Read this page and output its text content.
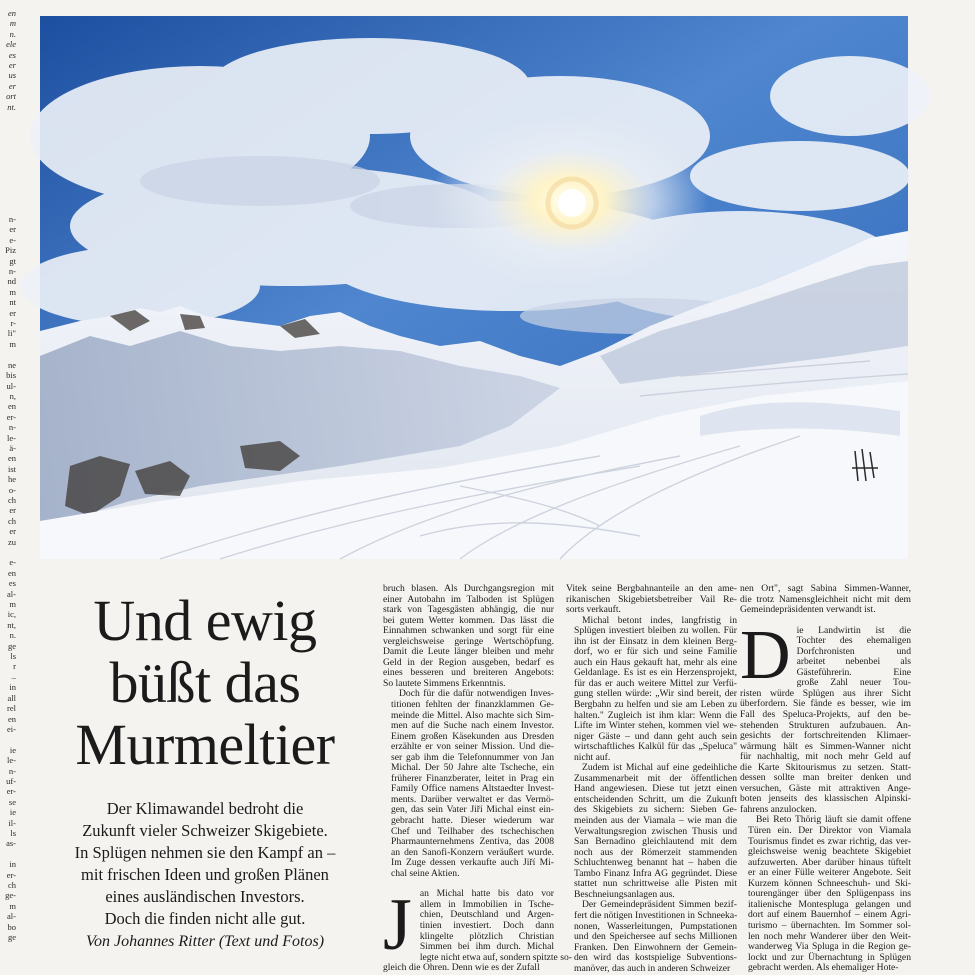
en
m
n.
ele
es
er
us
er
ort
nt.
n-
er
e-
Piz
gt
n-
nd
m
nt
er
r-
li"
m

ne
bis
ul-
n,
en
er-
n-
le-
ä-
en
ist
he
o-
ch
er
ch
er
zu

e-
en
es
al-
m
ic,
nt,
n.
ge
ls
r
–
in
all
rel
en
ei-

ie
le-
n-
uf-
er-
se
ie
il-
ls
as-

in
er-
ch
ge-
m
al-
bo
ge
Und ewig
büßt das
Murmeltier
Der Klimawandel bedroht die
Zukunft vieler Schweizer Skigebiete.
In Splügen nehmen sie den Kampf an –
mit frischen Ideen und großen Plänen
eines ausländischen Investors.
Doch die finden nicht alle gut.
Von Johannes Ritter (Text und Fotos)

bruch blasen. Als Durchgangsregion mit
einer Autobahn im Talboden ist Splügen
stark von Tagesgästen abhängig, die nur
bei gutem Wetter kommen. Das lässt die
Einnahmen schwanken und sorgt für eine
vergleichsweise geringe Wertschöpfung.
Damit die Leute länger bleiben und mehr
Geld in der Region ausgeben, bedarf es
eines besseren und breiteren Angebots:
So lautete Simmens Erkenntnis.

Doch für die dafür notwendigen Inves-
titionen fehlten der finanzklammen Ge-
meinde die Mittel. Also machte sich Sim-
men auf die Suche nach einem Investor.
Einem großen Käsekunden aus Dresden
erzählte er von seiner Mission. Und die-
ser gab ihm die Telefonnummer von Jan
Michal. Der 50 Jahre alte Tscheche, ein
früherer Finanzberater, leitet in Prag ein
Family Office namens Altstaedter Invest-
ments. Darüber verwaltet er das Vermö-
gen, das sein Vater Jiří Michal einst ein-
gebracht hatte. Dieser wiederum war
Chef und Teilhaber des tschechischen
Pharmaunternehmens Zentiva, das 2008
an den Sanofi-Konzern veräußert wurde.
Im Zuge dessen verkaufte auch Jiří Mi-
chal seine Aktien.

J an Michal hatte bis dato vor
allem in Immobilien in Tsche-
chien, Deutschland und Argen-
tinien investiert. Doch dann
klingelte plötzlich Christian
Simmen bei ihm durch. Michal
legte nicht etwa auf, sondern spitzte so-
gleich die Ohren. Denn wie es der Zufall

Vitek seine Bergbahnanteile an den ame-
rikanischen Skigebietsbetreiber Vail Re-
sorts verkauft.

Michal betont indes, langfristig in
Splügen investiert bleiben zu wollen. Für
ihn ist der Einsatz in dem kleinen Berg-
dorf, wo er für sich und seine Familie
auch ein Haus gekauft hat, mehr als eine
Geldanlage. Es ist es ein Herzensprojekt,
für das er auch weitere Mittel zur Verfü-
gung stellen würde: „Wir sind bereit, der
Bergbahn zu helfen und sie am Leben zu
halten." Zugleich ist ihm klar: Wenn die
Lifte im Winter stehen, kommen viel we-
niger Gäste – und dann geht auch sein
wirtschaftliches Kalkül für das „Speluca"
nicht auf.

Zudem ist Michal auf eine gedeihliche
Zusammenarbeit mit der öffentlichen
Hand angewiesen. Diese tut jetzt einen
entscheidenden Schritt, um die Zukunft
des Skigebiets zu sichern: Sieben Ge-
meinden aus der Viamala – wie man die
Verwaltungsregion zwischen Thusis und
San Bernadino gleichlautend mit dem
noch aus der Römerzeit stammenden
Schluchtenweg benannt hat – haben die
Tambo Finanz Infra AG gegründet. Diese
stattet nun schrittweise alle Pisten mit
Beschneiungsanlagen aus.

Der Gemeindepräsident Simmen bezif-
fert die nötigen Investitionen in Schneeka-
nonen, Wasserleitungen, Pumpstationen
und den Speichersee auf sechs Millionen
Franken. Den Einwohnern der Gemein-
den wird das kostspielige Subventions-
manöver, das auch in anderen Schweizer

nen Ort", sagt Sabina Simmen-Wanner,
die trotz Namensgleichheit nicht mit dem
Gemeindepräsidenten verwandt ist.

D ie Landwirtin ist die
Tochter des ehemaligen
Dorfchronisten und
arbeitet nebenbei als
Gästeführerin. Eine
große Zahl neuer Tou-
risten würde Splügen aus ihrer Sicht
überfordern. Sie fände es besser, wie im
Fall des Speluca-Projekts, auf den be-
stehenden Strukturen aufzubauen. An-
gesichts der fortschreitenden Klimaer-
wärmung hält es Simmen-Wanner nicht
für nachhaltig, mit noch mehr Geld auf
die Karte Skitourismus zu setzen. Statt-
dessen sollte man breiter denken und
versuchen, Gäste mit attraktiven Ange-
boten jenseits des klassischen Alpinski-
fahrens anzulocken.

Bei Reto Thörig läuft sie damit offene
Türen ein. Der Direktor von Viamala
Tourismus findet es zwar richtig, das ver-
gleichsweise wenig beachtete Skigebiet
aufzuwerten. Aber darüber hinaus tüftelt
er an einer Fülle weiterer Angebote. Seit
Kurzem können Schneeschuh- und Ski-
tourengänger über den Splügenpass ins
italienische Montespluga gelangen und
dort auf einem Bauernhof – einem Agri-
turismo – übernachten. Im Sommer sol-
len noch mehr Wanderer über den Weit-
wanderweg Via Spluga in die Region ge-
lockt und zur Übernachtung in Splügen
gebracht werden. Als ehemaliger Hote-
